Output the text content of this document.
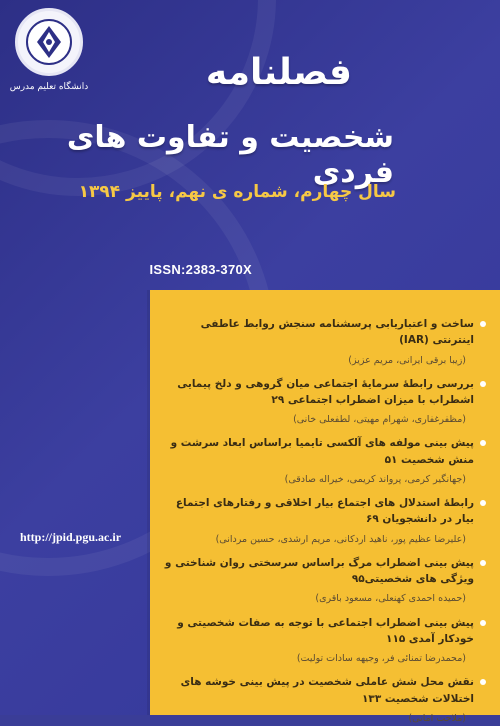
دانشگاه تعلیم مدرس	فصلنامه
شخصیت و تفاوت های فردی
سال چهارم، شماره ی نهم، پاییز ۱۳۹۴
ISSN:2383-370X
http://jpid.pgu.ac.ir
ساخت و اعتباریابی پرسشنامه سنجش روابط عاطفی اینترنتی (IAR)
(زیبا برقی ایرانی، مریم عزیز)
بررسی رابطهٔ سرمایهٔ اجتماعی میان گروهی و دلخ پیمایی اشطراب با میزان اضطراب اجتماعی ۲۹
(مظفرغفاری، شهرام مهیتی، لطفعلی خانی)
پیش بینی مولفه های آلکسی تایمیا براساس ابعاد سرشت و منش شخصیت ۵۱
(جهانگیر کرمی، پرواند کریمی، خیراله صادقی)
رابطهٔ استدلال های اجتماع بیار اخلاقی و رفتارهای اجتماع بیار در دانشجویان ۶۹
(علیرضا عظیم پور، ناهید اردکانی، مریم ارشدی، حسین مردانی)
پیش بینی اضطراب مرگ براساس سرسختی روان شناختی و ویژگی های شخصیتی۹۵
(حمیده احمدی کهنعلی، مسعود باقری)
پیش بینی اضطراب اجتماعی با توجه به صفات شخصیتی و خودکار آمدی ۱۱۵
(محمدرضا تمنائی فر، وجیهه سادات تولیت)
نقش محل شش عاملی شخصیت در پیش بینی خوشه های اختلالات شخصیت ۱۳۳
(ملاحت اماتی)
